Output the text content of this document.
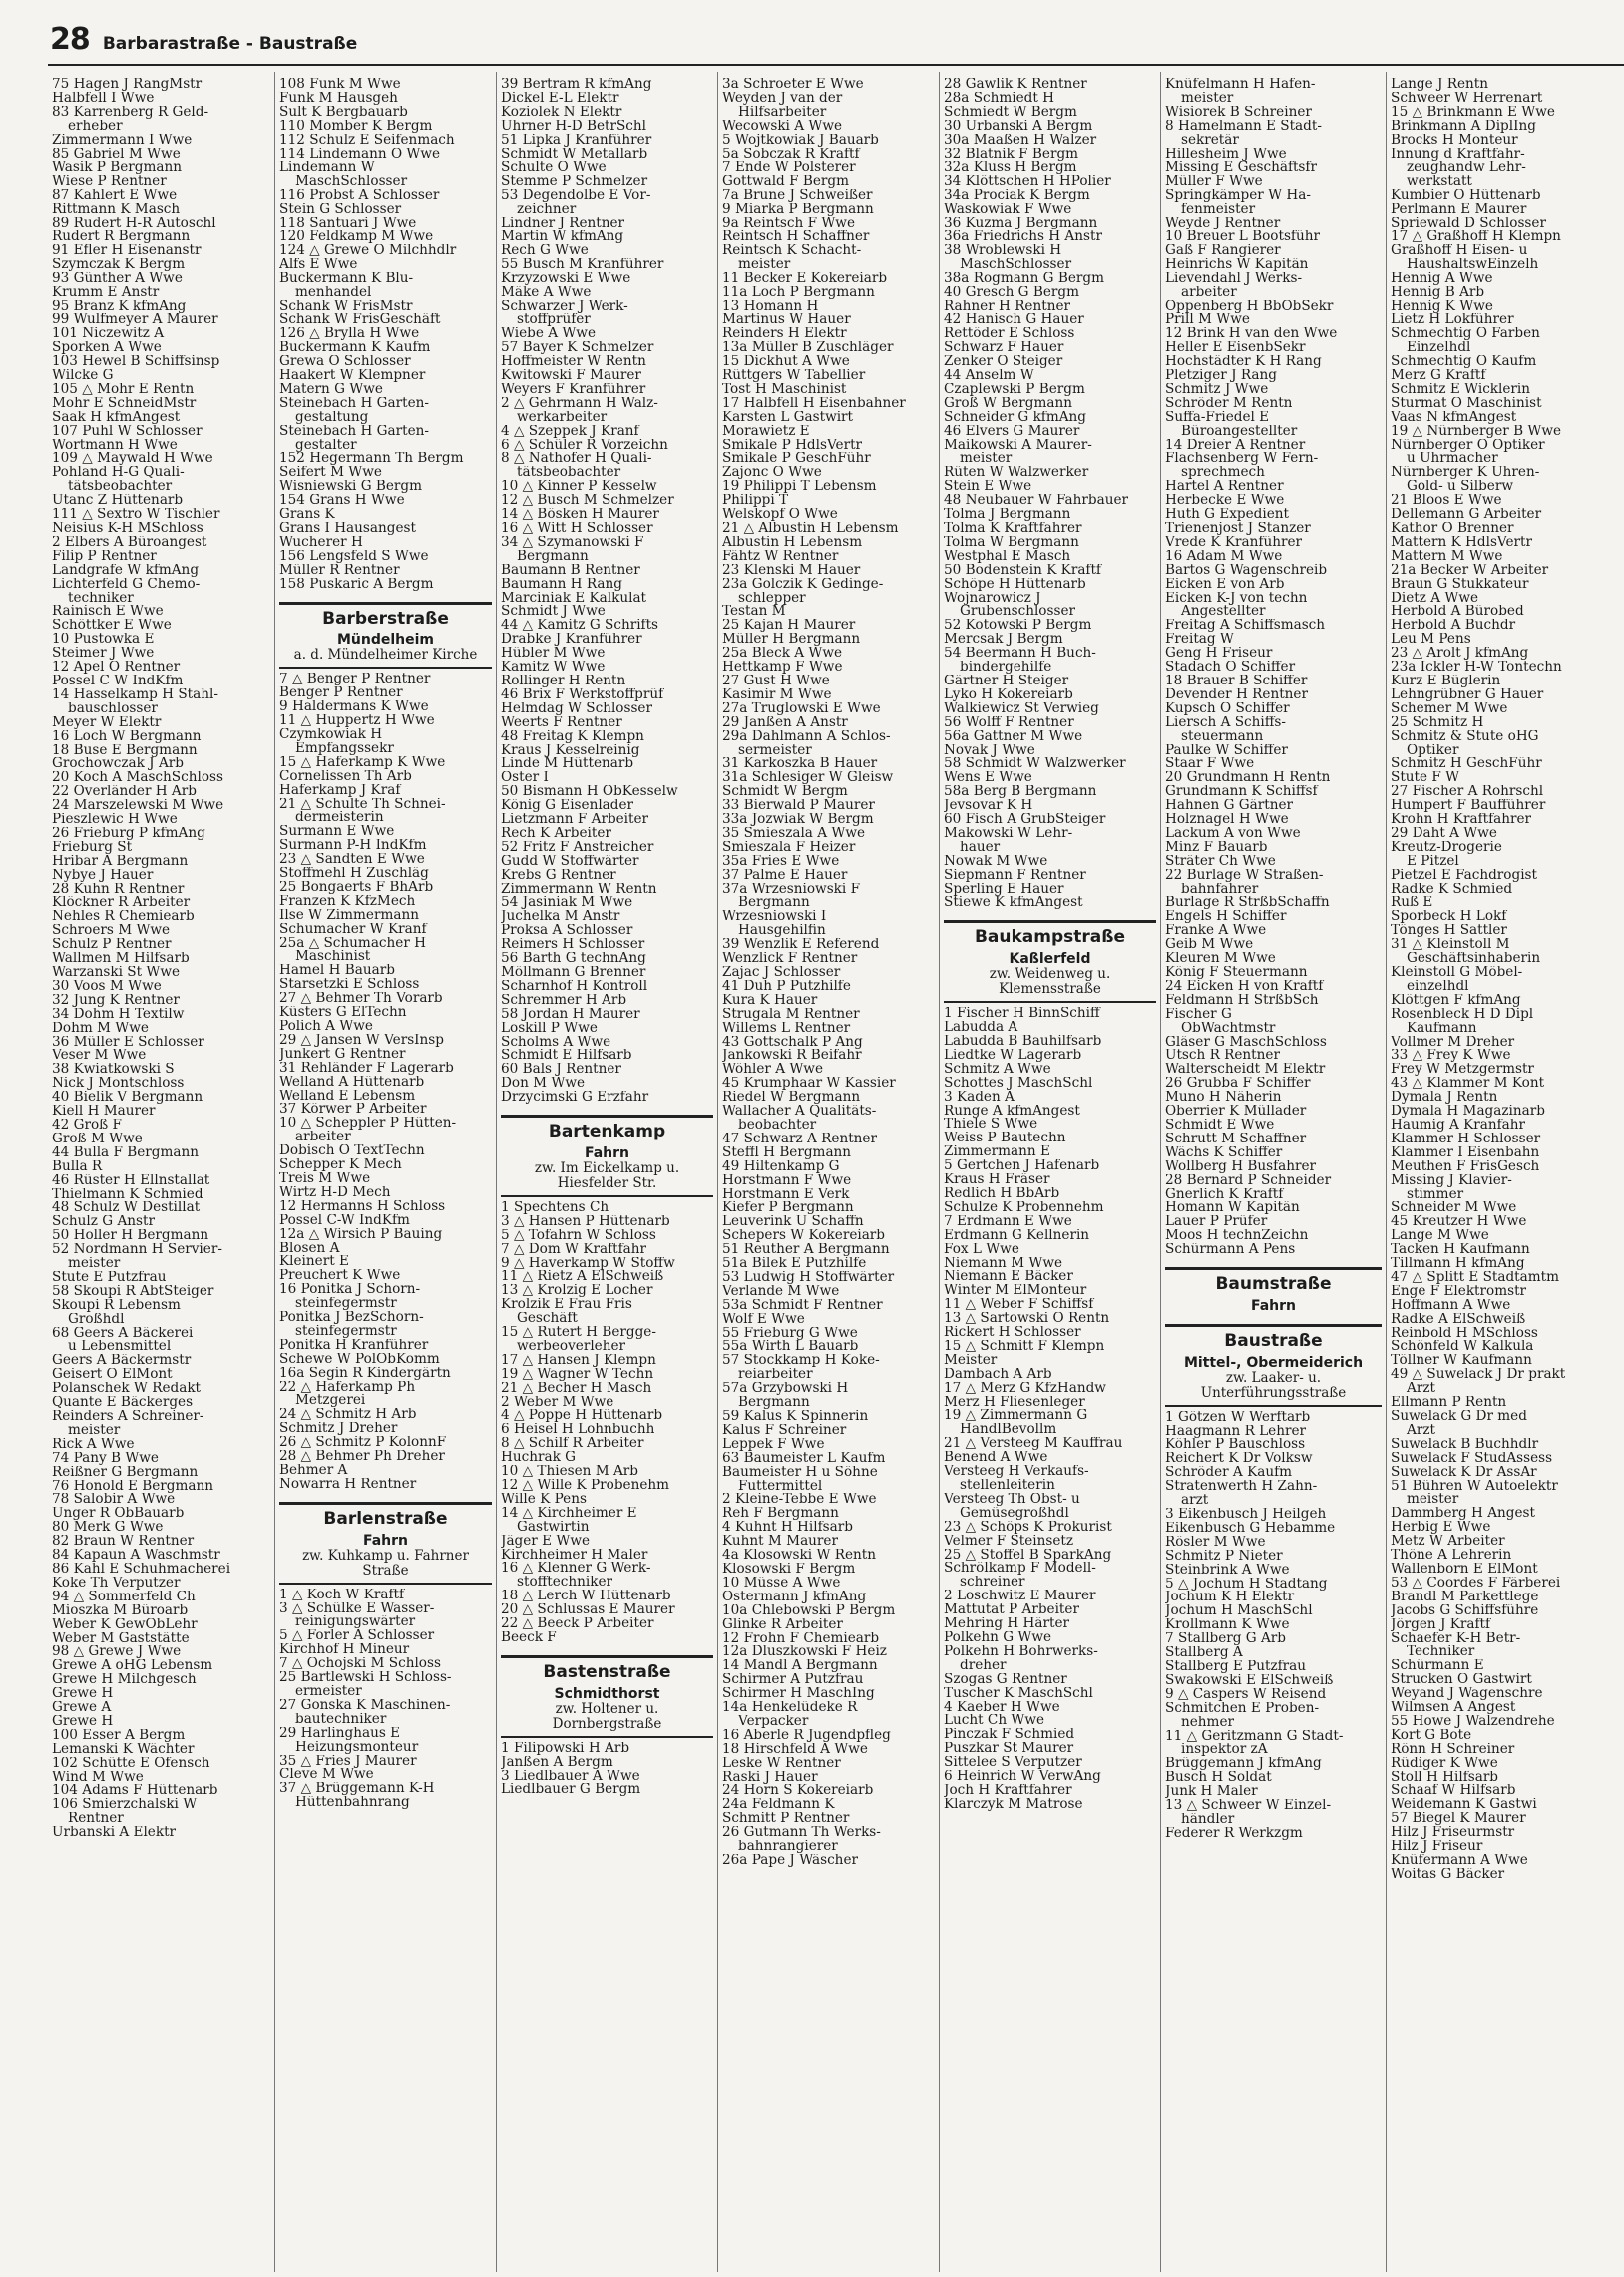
28 Barbarastraße - Baustraße
75 Hagen J RangMstr
Halbfell I Wwe
83 Karrenberg R Geld-
erheber
Zimmermann I Wwe
85 Gabriel M Wwe
Wasik P Bergmann
Wiese P Rentner
87 Kahlert E Wwe
Rittmann K Masch
89 Rudert H-R Autoschl
Rudert R Bergmann
91 Efler H Eisenanstr
Szymczak K Bergm
93 Günther A Wwe
Krumm E Anstr
95 Branz K kfmAng
99 Wulfmeyer A Maurer
101 Niczewitz A
Sporken A Wwe
103 Hewel B Schiffsinsp
Wilcke G
105 △ Mohr E Rentn
Mohr E SchneidMstr
Saak H kfmAngest
107 Puhl W Schlosser
Wortmann H Wwe
109 △ Maywald H Wwe
Pohland H-G Quali-
tätsbeobachter
Utanc Z Hüttenarb
111 △ Sextro W Tischler
Neisius K-H MSchloss
2 Elbers A Büroangest
Filip P Rentner
Landgrafe W kfmAng
Lichterfeld G Chemo-
techniker
Rainisch E Wwe
Schöttker E Wwe
10 Pustowka E
Steimer J Wwe
12 Apel O Rentner
Possel C W IndKfm
14 Hasselkamp H Stahl-
bauschlosser
Meyer W Elektr
16 Loch W Bergmann
18 Buse E Bergmann
Grochowczak J Arb
20 Koch A MaschSchloss
22 Overländer H Arb
24 Marszelewski M Wwe
Pieszlewic H Wwe
26 Frieburg P kfmAng
Frieburg St
Hribar A Bergmann
Nybye J Hauer
28 Kuhn R Rentner
Klöckner R Arbeiter
Nehles R Chemiearb
Schroers M Wwe
Schulz P Rentner
Wallmen M Hilfsarb
Warzanski St Wwe
30 Voos M Wwe
32 Jung K Rentner
34 Dohm H Textilw
Dohm M Wwe
36 Müller E Schlosser
Veser M Wwe
38 Kwiatkowski S
Nick J Montschloss
40 Bielik V Bergmann
Kiell H Maurer
42 Groß F
Groß M Wwe
44 Bulla F Bergmann
Bulla R
46 Rüster H Ellnstallat
Thielmann K Schmied
48 Schulz W Destillat
Schulz G Anstr
50 Holler H Bergmann
52 Nordmann H Servier-
meister
Stute E Putzfrau
58 Skoupi R AbtSteiger
Skoupi R Lebensm
Großhdl
68 Geers A Bäckerei
u Lebensmittel
Geers A Bäckermstr
Geisert O ElMont
Polanschek W Redakt
Quante E Bäckerges
Reinders A Schreiner-
meister
Rick A Wwe
74 Pany B Wwe
Reißner G Bergmann
76 Honold E Bergmann
78 Salobir A Wwe
Unger R ObBauarb
80 Merk G Wwe
82 Braun W Rentner
84 Kapaun A Waschmstr
86 Kahl E Schuhmacherei
Koke Th Verputzer
94 △ Sommerfeld Ch
Mioszka M Büroarb
Weber K GewObLehr
Weber M Gaststätte
98 △ Grewe J Wwe
Grewe A oHG Lebensm
Grewe H Milchgesch
Grewe H
Grewe A
Grewe H
100 Esser A Bergm
Lemanski K Wächter
102 Schütte E Ofensch
Wind M Wwe
104 Adams F Hüttenarb
106 Smierzchalski W
Rentner
Urbanski A Elektr
108 Funk M Wwe
Funk M Hausgeh
Sult K Bergbauarb
110 Momber K Bergm
112 Schulz E Seifenmach
114 Lindemann O Wwe
Lindemann W
MaschSchlosser
116 Probst A Schlosser
Stein G Schlosser
118 Santuari J Wwe
120 Feldkamp M Wwe
124 △ Grewe O Milchhdlr
Alfs E Wwe
Buckermann K Blu-
menhandel
Schank W FrisMstr
Schank W FrisGeschäft
126 △ Brylla H Wwe
Buckermann K Kaufm
Grewa O Schlosser
Haakert W Klempner
Matern G Wwe
Steinebach H Garten-
gestaltung
Steinebach H Garten-
gestalter
152 Hegermann Th Bergm
Seifert M Wwe
Wisniewski G Bergm
154 Grans H Wwe
Grans K
Grans I Hausangest
Wucherer H
156 Lengsfeld S Wwe
Müller R Rentner
158 Puskaric A Bergm
Barberstraße
Mündelheim
a. d. Mündelheimer Kirche
7 △ Benger P Rentner
Benger P Rentner
9 Haldermans K Wwe
11 △ Huppertz H Wwe
Czymkowiak H
Empfangssekr
15 △ Haferkamp K Wwe
Cornelissen Th Arb
Haferkamp J Kraf
21 △ Schulte Th Schnei-
dermeisterin
Surmann E Wwe
Surmann P-H IndKfm
23 △ Sandten E Wwe
Stoffmehl H Zuschläg
25 Bongaerts F BhArb
Franzen K KfzMech
Ilse W Zimmermann
Schumacher W Kranf
25a △ Schumacher H
Maschinist
Hamel H Bauarb
Starsetzki E Schloss
27 △ Behmer Th Vorarb
Küsters G ElTechn
Polich A Wwe
29 △ Jansen W VersInsp
Junkert G Rentner
31 Rehländer F Lagerarb
Welland A Hüttenarb
Welland E Lebensm
37 Körwer P Arbeiter
10 △ Scheppler P Hütten-
arbeiter
Dobisch O TextTechn
Schepper K Mech
Treis M Wwe
Wirtz H-D Mech
12 Hermanns H Schloss
Possel C-W IndKfm
12a △ Wirsich P Bauing
Blosen A
Kleinert E
Preuchert K Wwe
16 Ponitka J Schorn-
steinfegermstr
Ponitka J BezSchorn-
steinfegermstr
Ponitka H Kranführer
Schewe W PolObKomm
16a Segin R Kindergärtn
22 △ Haferkamp Ph
Metzgerei
24 △ Schmitz H Arb
Schmitz J Dreher
26 △ Schmitz P KolonnF
28 △ Behmer Ph Dreher
Behmer A
Nowarra H Rentner
Barlenstraße
Fahrn
zw. Kuhkamp u. Fahrner Straße
1 △ Koch W Kraftf
3 △ Schülke E Wasser-
reinigungswärter
5 △ Forler A Schlosser
Kirchhof H Mineur
7 △ Ochojski M Schloss
25 Bartlewski H Schloss-
ermeister
27 Gonska K Maschinen-
bautechniker
29 Harlinghaus E
Heizungsmonteur
35 △ Fries J Maurer
Cleve M Wwe
37 △ Brüggemann K-H
Hüttenbahnrang
39 Bertram R kfmAng
Dickel E-L Elektr
Koziolek N Elektr
Uhrner H-D BetrSchl
51 Lipka J Kranführer
Schmidt W Metallarb
Schulte O Wwe
Stemme P Schmelzer
53 Degendolbe E Vor-
zeichner
Lindner J Rentner
Martin W kfmAng
Rech G Wwe
55 Busch M Kranführer
Krzyzowski E Wwe
Mäke A Wwe
Schwarzer J Werk-
stoffprüfer
Wiebe A Wwe
57 Bayer K Schmelzer
Hoffmeister W Rentn
Kwitowski F Maurer
Weyers F Kranführer
2 △ Gehrmann H Walz-
werkarbeiter
4 △ Szeppek J Kranf
6 △ Schüler R Vorzeichn
8 △ Nathofer H Quali-
tätsbeobachter
10 △ Kinner P Kesselw
12 △ Busch M Schmelzer
14 △ Bösken H Maurer
16 △ Witt H Schlosser
34 △ Szymanowski F
Bergmann
Baumann B Rentner
Baumann H Rang
Marciniak E Kalkulat
Schmidt J Wwe
44 △ Kamitz G Schrifts
Drabke J Kranführer
Hübler M Wwe
Kamitz W Wwe
Rollinger H Rentn
46 Brix F Werkstoffprüf
Helmdag W Schlosser
Weerts F Rentner
48 Freitag K Klempn
Kraus J Kesselreinig
Linde M Hüttenarb
Oster I
50 Bismann H ObKesselw
König G Eisenlader
Lietzmann F Arbeiter
Rech K Arbeiter
52 Fritz F Anstreicher
Gudd W Stoffwärter
Krebs G Rentner
Zimmermann W Rentn
54 Jasiniak M Wwe
Juchelka M Anstr
Proksa A Schlosser
Reimers H Schlosser
56 Barth G technAng
Möllmann G Brenner
Scharnhof H Kontroll
Schremmer H Arb
58 Jordan H Maurer
Loskill P Wwe
Scholms A Wwe
Schmidt E Hilfsarb
60 Bals J Rentner
Don M Wwe
Drzycimski G Erzfahr
Bartenkamp
Fahrn
zw. Im Eickelkamp u. Hiesfelder Str.
1 Spechtens Ch
3 △ Hansen P Hüttenarb
5 △ Tofahrn W Schloss
7 △ Dom W Kraftfahr
9 △ Haverkamp W Stoffw
11 △ Rietz A ElSchweiß
13 △ Krolzig E Locher
Krolzik E Frau Fris
Geschäft
15 △ Rutert H Bergge-
werbeoverleher
17 △ Hansen J Klempn
19 △ Wagner W Techn
21 △ Becher H Masch
2 Weber M Wwe
4 △ Poppe H Hüttenarb
6 Heisel H Lohnbuchh
8 △ Schilf R Arbeiter
Huchrak G
10 △ Thiesen M Arb
12 △ Wille K Probenehm
Wille K Pens
14 △ Kirchheimer E
Gastwirtin
Jäger E Wwe
Kirchheimer H Maler
16 △ Klenner G Werk-
stofftechniker
18 △ Lerch W Hüttenarb
20 △ Schlussas E Maurer
22 △ Beeck P Arbeiter
Beeck F
Bastenstraße
Schmidthorst
zw. Holtener u. Dornbergstraße
1 Filipowski H Arb
Janßen A Bergm
3 Liedlbauer A Wwe
Liedlbauer G Bergm
3a Schroeter E Wwe
Weyden J van der
Hilfsarbeiter
Wecowski A Wwe
5 Wojtkowiak J Bauarb
5a Sobczak R Kraftf
7 Ende W Polsterer
Gottwald F Bergm
7a Brune J Schweißer
9 Miarka P Bergmann
9a Reintsch F Wwe
Reintsch H Schaffner
Reintsch K Schacht-
meister
11 Becker E Kokereiarb
11a Loch P Bergmann
13 Homann H
Martinus W Hauer
Reinders H Elektr
13a Müller B Zuschläger
15 Dickhut A Wwe
Rüttgers W Tabellier
Tost H Maschinist
17 Halbfell H Eisenbahner
Karsten L Gastwirt
Morawietz E
Smikale P HdlsVertr
Smikale P GeschFühr
Zajonc O Wwe
19 Philippi T Lebensm
Philippi T
Welskopf O Wwe
21 △ Albustin H Lebensm
Albustin H Lebensm
Fähtz W Rentner
23 Klenski M Hauer
23a Golczik K Gedinge-
schlepper
Testan M
25 Kajan H Maurer
Müller H Bergmann
25a Bleck A Wwe
Hettkamp F Wwe
27 Gust H Wwe
Kasimir M Wwe
27a Truglowski E Wwe
29 Janßen A Anstr
29a Dahlmann A Schlos-
sermeister
31 Karkoszka B Hauer
31a Schlesiger W Gleisw
Schmidt W Bergm
33 Bierwald P Maurer
33a Jozwiak W Bergm
35 Smieszala A Wwe
Smieszala F Heizer
35a Fries E Wwe
37 Palme E Hauer
37a Wrzesniowski F
Bergmann
Wrzesniowski I
Hausgehilfin
39 Wenzlik E Referend
Wenzlick F Rentner
Zajac J Schlosser
41 Duh P Putzhilfe
Kura K Hauer
Strugala M Rentner
Willems L Rentner
43 Gottschalk P Ang
Jankowski R Beifahr
Wöhler A Wwe
45 Krumphaar W Kassier
Riedel W Bergmann
Wallacher A Qualitäts-
beobachter
47 Schwarz A Rentner
Steffl H Bergmann
49 Hiltenkamp G
Horstmann F Wwe
Horstmann E Verk
Kiefer P Bergmann
Leuverink U Schaffn
Schepers W Kokereiarb
51 Reuther A Bergmann
51a Bilek E Putzhilfe
53 Ludwig H Stoffwärter
Verlande M Wwe
53a Schmidt F Rentner
Wolf E Wwe
55 Frieburg G Wwe
55a Wirth L Bauarb
57 Stockkamp H Koke-
reiarbeiter
57a Grzybowski H
Bergmann
59 Kalus K Spinnerin
Kalus F Schreiner
Leppek F Wwe
63 Baumeister L Kaufm
Baumeister H u Söhne
Futtermittel
2 Kleine-Tebbe E Wwe
Reh F Bergmann
4 Kuhnt H Hilfsarb
Kuhnt M Maurer
4a Klosowski W Rentn
Klosowski F Bergm
10 Müsse A Wwe
Ostermann J kfmAng
10a Chlebowski P Bergm
Glinke R Arbeiter
12 Frohn F Chemiearb
12a Dluszkowski F Heiz
14 Mandl A Bergmann
Schirmer A Putzfrau
Schirmer H MaschIng
14a Henkelüdeke R
Verpacker
16 Aberle R Jugendpfleg
18 Hirschfeld A Wwe
Leske W Rentner
Raski J Hauer
24 Horn S Kokereiarb
24a Feldmann K
Schmitt P Rentner
26 Gutmann Th Werks-
bahnrangierer
26a Pape J Wäscher
28 Gawlik K Rentner
28a Schmiedt H
Schmiedt W Bergm
30 Urbanski A Bergm
30a Maaßen H Walzer
32 Blatnik F Bergm
32a Kluss H Bergm
34 Klöttschen H HPolier
34a Prociak K Bergm
Waskowiak F Wwe
36 Kuzma J Bergmann
36a Friedrichs H Anstr
38 Wroblewski H
MaschSchlosser
38a Rogmann G Bergm
40 Gresch G Bergm
Rahner H Rentner
42 Hanisch G Hauer
Rettöder E Schloss
Schwarz F Hauer
Zenker O Steiger
44 Anselm W
Czaplewski P Bergm
Groß W Bergmann
Schneider G kfmAng
46 Elvers G Maurer
Maikowski A Maurer-
meister
Rüten W Walzwerker
Stein E Wwe
48 Neubauer W Fahrbauer
Tolma J Bergmann
Tolma K Kraftfahrer
Tolma W Bergmann
Westphal E Masch
50 Bodenstein K Kraftf
Schöpe H Hüttenarb
Wojnarowicz J
Grubenschlosser
52 Kotowski P Bergm
Mercsak J Bergm
54 Beermann H Buch-
bindergehilfe
Gärtner H Steiger
Lyko H Kokereiarb
Walkiewicz St Verwieg
56 Wolff F Rentner
56a Gattner M Wwe
Novak J Wwe
58 Schmidt W Walzwerker
Wens E Wwe
58a Berg B Bergmann
Jevsovar K H
60 Fisch A GrubSteiger
Makowski W Lehr-
hauer
Nowak M Wwe
Siepmann F Rentner
Sperling E Hauer
Stiewe K kfmAngest
Baukampstraße
Kaßlerfeld
zw. Weidenweg u. Klemensstraße
1 Fischer H BinnSchiff
Labudda A
Labudda B Bauhilfsarb
Liedtke W Lagerarb
Schmitz A Wwe
Schottes J MaschSchl
3 Kaden A
Runge A kfmAngest
Thiele S Wwe
Weiss P Bautechn
Zimmermann E
5 Gertchen J Hafenarb
Kraus H Fräser
Redlich H BbArb
Schulze K Probennehm
7 Erdmann E Wwe
Erdmann G Kellnerin
Fox L Wwe
Niemann M Wwe
Niemann E Bäcker
Winter M ElMonteur
11 △ Weber F Schiffsf
13 △ Sartowski O Rentn
Rickert H Schlosser
15 △ Schmitt F Klempn
Meister
Dambach A Arb
17 △ Merz G KfzHandw
Merz H Fliesenleger
19 △ Zimmermann G
HandlBevollm
21 △ Versteeg M Kauffrau
Benend A Wwe
Versteeg H Verkaufs-
stellenleiterin
Versteeg Th Obst- u
Gemüsegroßhdl
23 △ Schöps K Prokurist
Velmer F Steinsetz
25 △ Stoffel B SparkAng
Schrölkamp F Modell-
schreiner
2 Loschwitz E Maurer
Mattutat P Arbeiter
Mehring H Härter
Polkehn G Wwe
Polkehn H Bohrwerks-
dreher
Szogas G Rentner
Tuscher K MaschSchl
4 Kaeber H Wwe
Lucht Ch Wwe
Pinczak F Schmied
Puszkar St Maurer
Sittelee S Verputzer
6 Heinrich W VerwAng
Joch H Kraftfahrer
Klarczyk M Matrose
Knüfelmann H Hafen-
meister
Wisiorek B Schreiner
8 Hamelmann E Stadt-
sekretär
Hillesheim J Wwe
Missing E Geschäftsfr
Müller F Wwe
Springkämper W Ha-
fenmeister
Weyde J Rentner
10 Breuer L Bootsführ
Gaß F Rangierer
Heinrichs W Kapitän
Lievendahl J Werks-
arbeiter
Oppenberg H BbObSekr
Prill M Wwe
12 Brink H van den Wwe
Heller E EisenbSekr
Hochstädter K H Rang
Pletziger J Rang
Schmitz J Wwe
Schröder M Rentn
Suffa-Friedel E
Büroangestellter
14 Dreier A Rentner
Flachsenberg W Fern-
sprechmech
Hartel A Rentner
Herbecke E Wwe
Huth G Expedient
Trienenjost J Stanzer
Vrede K Kranführer
16 Adam M Wwe
Bartos G Wagenschreib
Eicken E von Arb
Eicken K-J von techn
Angestellter
Freitag A Schiffsmasch
Freitag W
Geng H Friseur
Stadach O Schiffer
18 Brauer B Schiffer
Devender H Rentner
Kupsch O Schiffer
Liersch A Schiffs-
steuermann
Paulke W Schiffer
Staar F Wwe
20 Grundmann H Rentn
Grundmann K Schiffsf
Hahnen G Gärtner
Holznagel H Wwe
Lackum A von Wwe
Minz F Bauarb
Sträter Ch Wwe
22 Burlage W Straßen-
bahnfahrer
Burlage R StrßbSchaffn
Engels H Schiffer
Franke A Wwe
Geib M Wwe
Kleuren M Wwe
König F Steuermann
24 Eicken H von Kraftf
Feldmann H StrßbSch
Fischer G
ObWachtmstr
Gläser G MaschSchloss
Utsch R Rentner
Walterscheidt M Elektr
26 Grubba F Schiffer
Muno H Näherin
Oberrier K Müllader
Schmidt E Wwe
Schrutt M Schaffner
Wächs K Schiffer
Wollberg H Busfahrer
28 Bernard P Schneider
Gnerlich K Kraftf
Homann W Kapitän
Lauer P Prüfer
Moos H technZeichn
Schürmann A Pens
Baumstraße
Fahrn
Baustraße
Mittel-, Obermeiderich
zw. Laaker- u. Unterführungsstraße
1 Götzen W Werftarb
Haagmann R Lehrer
Köhler P Bauschloss
Reichert K Dr Volksw
Schröder A Kaufm
Stratenwerth H Zahn-
arzt
3 Eikenbusch J Heilgeh
Eikenbusch G Hebamme
Rösler M Wwe
Schmitz P Nieter
Steinbrink A Wwe
5 △ Jochum H Stadtang
Jochum K H Elektr
Jochum H MaschSchl
Krollmann K Wwe
7 Stallberg G Arb
Stallberg A
Stallberg E Putzfrau
Swakowski E ElSchweiß
9 △ Caspers W Reisend
Schmitchen E Proben-
nehmer
11 △ Geritzmann G Stadt-
inspektor zA
Brüggemann J kfmAng
Busch H Soldat
Junk H Maler
13 △ Schweer W Einzel-
händler
Federer R Werkzgm
Lange J Rentn
Schweer W Herrenart
15 △ Brinkmann E Wwe
Brinkmann A DiplIng
Brocks H Monteur
Innung d Kraftfahr-
zeughandw Lehr-
werkstatt
Kumbier O Hüttenarb
Perlmann E Maurer
Spriewald D Schlosser
17 △ Graßhoff H Klempn
Graßhoff H Eisen- u
HaushaltswEinzelh
Hennig A Wwe
Hennig B Arb
Hennig K Wwe
Lietz H Lokführer
Schmechtig O Farben
Einzelhdl
Schmechtig O Kaufm
Merz G Kraftf
Schmitz E Wicklerin
Sturmat O Maschinist
Vaas N kfmAngest
19 △ Nürnberger B Wwe
Nürnberger O Optiker
u Uhrmacher
Nürnberger K Uhren-
Gold- u Silberw
21 Bloos E Wwe
Dellemann G Arbeiter
Kathor O Brenner
Mattern K HdlsVertr
Mattern M Wwe
21a Becker W Arbeiter
Braun G Stukkateur
Dietz A Wwe
Herbold A Bürobed
Herbold A Buchdr
Leu M Pens
23 △ Arolt J kfmAng
23a Ickler H-W Tontechn
Kurz E Büglerin
Lehngrübner G Hauer
Schemer M Wwe
25 Schmitz H
Schmitz & Stute oHG
Optiker
Schmitz H GeschFühr
Stute F W
27 Fischer A Rohrschl
Humpert F Baufführer
Krohn H Kraftfahrer
29 Daht A Wwe
Kreutz-Drogerie
E Pitzel
Pietzel E Fachdrogist
Radke K Schmied
Ruß E
Sporbeck H Lokf
Tönges H Sattler
31 △ Kleinstoll M
Geschäftsinhaberin
Kleinstoll G Möbel-
einzelhdl
Klöttgen F kfmAng
Rosenbleck H D Dipl
Kaufmann
Vollmer M Dreher
33 △ Frey K Wwe
Frey W Metzgermstr
43 △ Klammer M Kont
Dymala J Rentn
Dymala H Magazinarb
Haumig A Kranfahr
Klammer H Schlosser
Klammer I Eisenbahn
Meuthen F FrisGesch
Missing J Klavier-
stimmer
Schneider M Wwe
45 Kreutzer H Wwe
Lange M Wwe
Tacken H Kaufmann
Tillmann H kfmAng
47 △ Splitt E Stadtamtm
Enge F Elektromstr
Hoffmann A Wwe
Radke A ElSchweiß
Reinbold H MSchloss
Schönfeld W Kalkula
Töllner W Kaufmann
49 △ Suwelack J Dr prakt
Arzt
Ellmann P Rentn
Suwelack G Dr med
Arzt
Suwelack B Buchhdlr
Suwelack F StudAssess
Suwelack K Dr AssAr
51 Bühren W Autoelektr
meister
Dammberg H Angest
Herbig E Wwe
Metz W Arbeiter
Thöne A Lehrerin
Wallenborn E ElMont
53 △ Coordes F Färberei
Brandl M Parkettlege
Jacobs G Schiffsführe
Jörgen J Kraftf
Schaefer K-H Betr-
Techniker
Schürmann E
Strucken O Gastwirt
Weyand J Wagenschre
Wilmsen A Angest
55 Howe J Walzendrehe
Kort G Bote
Rönn H Schreiner
Rüdiger K Wwe
Stoll H Hilfsarb
Schaaf W Hilfsarb
Weidemann K Gastwi
57 Biegel K Maurer
Hilz J Friseurmstr
Hilz J Friseur
Knüfermann A Wwe
Woitas G Bäcker
